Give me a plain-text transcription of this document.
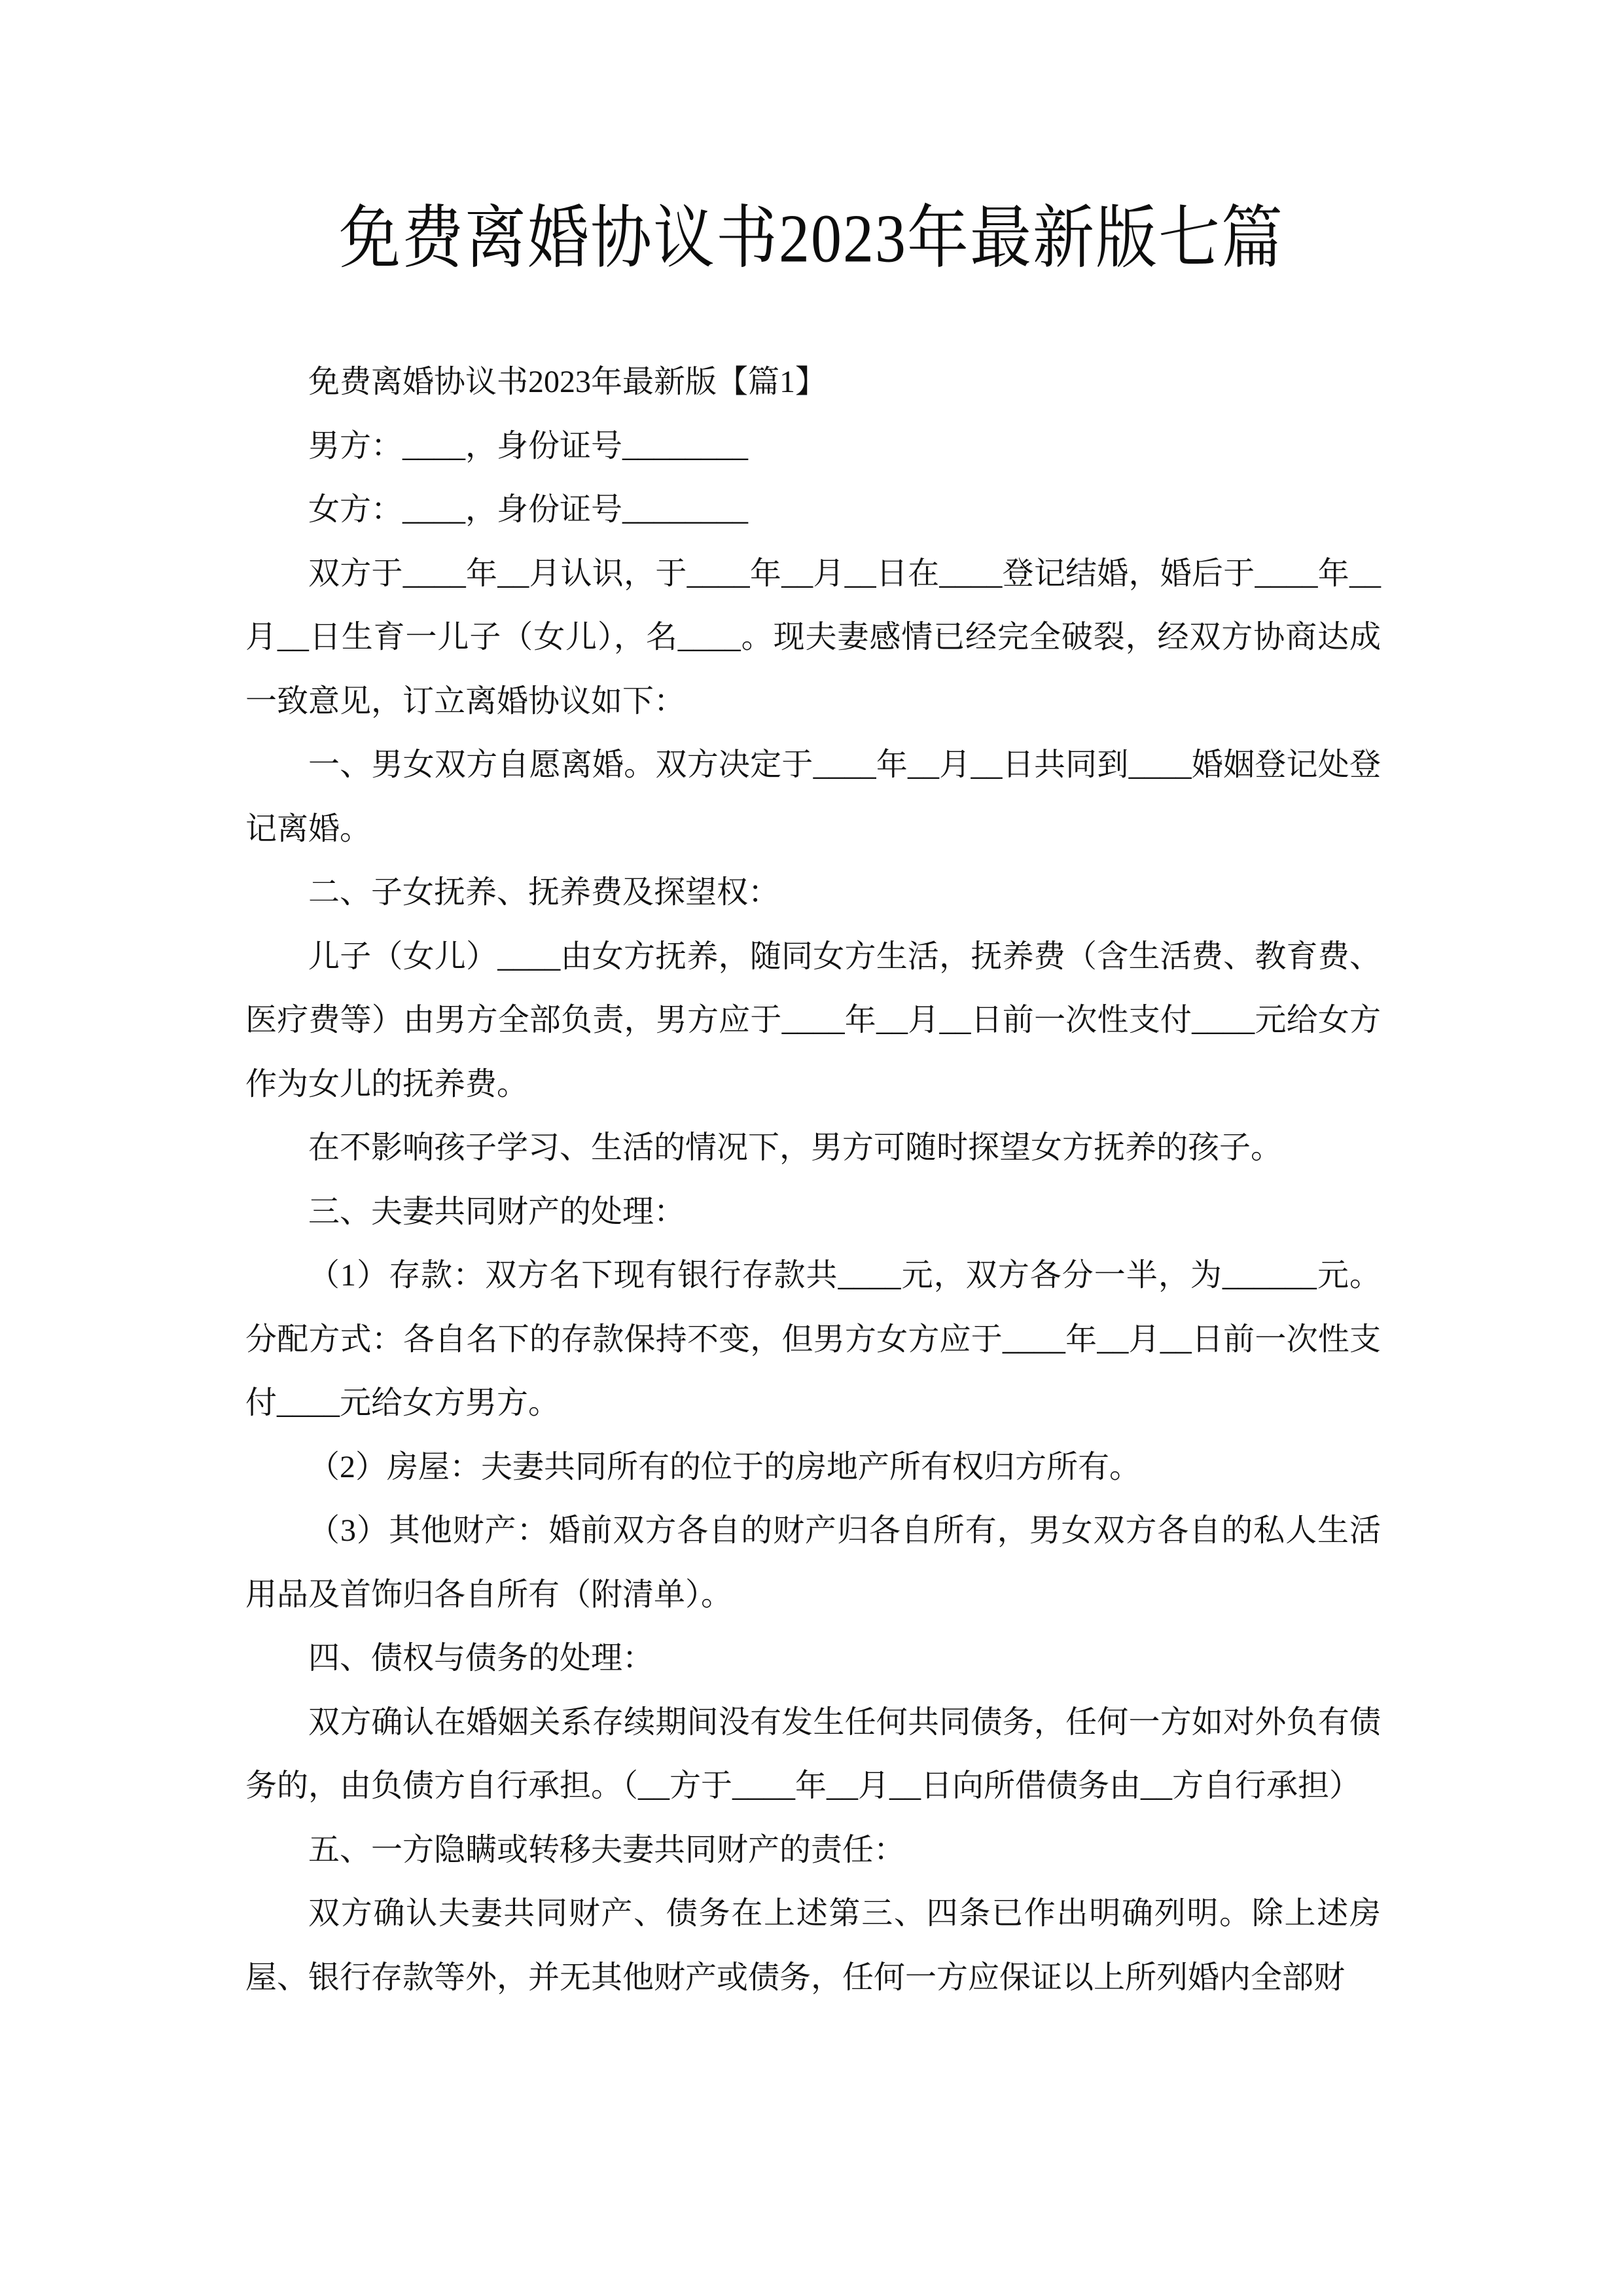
免费离婚协议书2023年最新版七篇

免费离婚协议书2023年最新版【篇1】

男方：____，身份证号________

女方：____，身份证号________

双方于____年__月认识，于____年__月__日在____登记结婚，婚后于____年__月__日生育一儿子（女儿），名____。现夫妻感情已经完全破裂，经双方协商达成一致意见，订立离婚协议如下：

一、男女双方自愿离婚。双方决定于____年__月__日共同到____婚姻登记处登记离婚。

二、子女抚养、抚养费及探望权：

儿子（女儿）____由女方抚养，随同女方生活，抚养费（含生活费、教育费、医疗费等）由男方全部负责，男方应于____年__月__日前一次性支付____元给女方作为女儿的抚养费。

在不影响孩子学习、生活的情况下，男方可随时探望女方抚养的孩子。

三、夫妻共同财产的处理：

（1）存款：双方名下现有银行存款共____元，双方各分一半，为______元。分配方式：各自名下的存款保持不变，但男方女方应于____年__月__日前一次性支付____元给女方男方。

（2）房屋：夫妻共同所有的位于的房地产所有权归方所有。

（3）其他财产：婚前双方各自的财产归各自所有，男女双方各自的私人生活用品及首饰归各自所有（附清单）。

四、债权与债务的处理：

双方确认在婚姻关系存续期间没有发生任何共同债务，任何一方如对外负有债务的，由负债方自行承担。（__方于____年__月__日向所借债务由__方自行承担）

五、一方隐瞒或转移夫妻共同财产的责任：

双方确认夫妻共同财产、债务在上述第三、四条已作出明确列明。除上述房屋、银行存款等外，并无其他财产或债务，任何一方应保证以上所列婚内全部财
